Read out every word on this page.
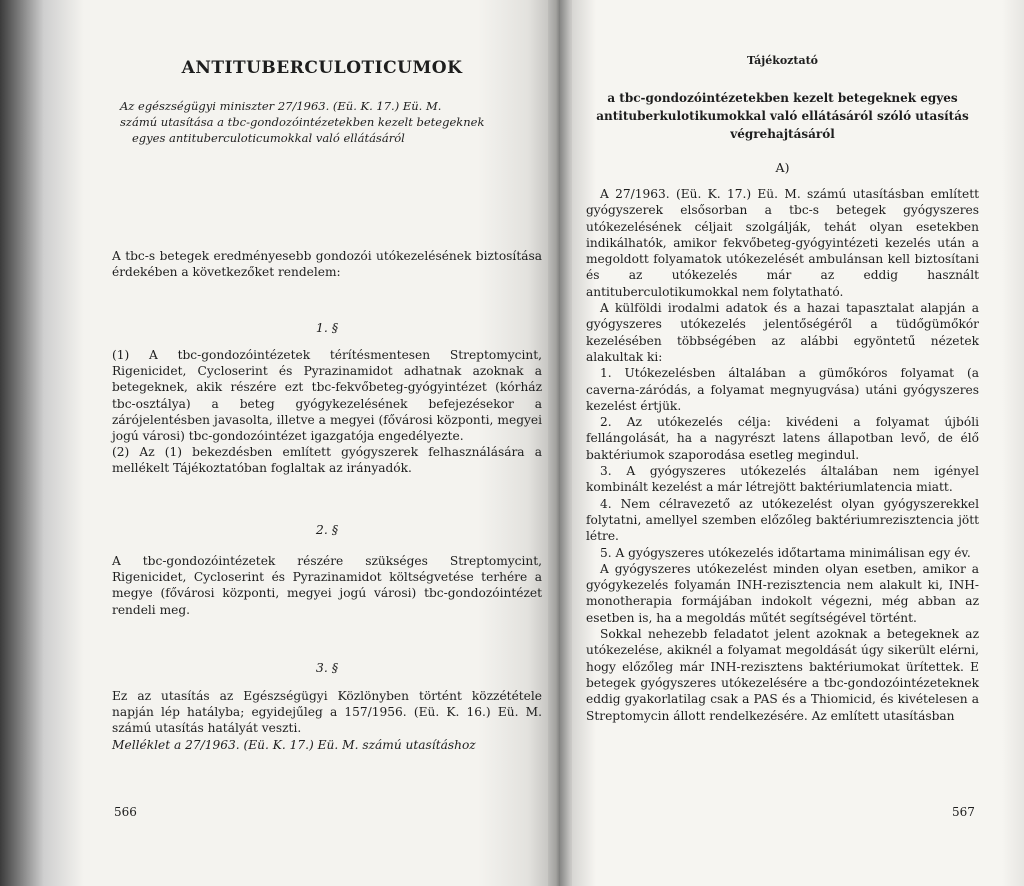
ANTITUBERCULOTICUMOK
Az egészségügyi miniszter 27/1963. (Eü. K. 17.) Eü. M.
számú utasítása a tbc-gondozóintézetekben kezelt betegeknek
egyes antituberculoticumokkal való ellátásáról

A tbc-s betegek eredményesebb gondozói utókezelésének biztosítása érdekében a következőket rendelem:

1. §

(1) A tbc-gondozóintézetek térítésmentesen Streptomycint, Rigenicidet, Cycloserint és Pyrazinamidot adhatnak azoknak a betegeknek, akik részére ezt tbc-fekvőbeteg-gyógyintézet (kórház tbc-osztálya) a beteg gyógykezelésének befejezésekor a zárójelentésben javasolta, illetve a megyei (fővárosi központi, megyei jogú városi) tbc-gondozóintézet igazgatója engedélyezte.

(2) Az (1) bekezdésben említett gyógyszerek felhasználására a mellékelt Tájékoztatóban foglaltak az irányadók.

2. §

A tbc-gondozóintézetek részére szükséges Streptomycint, Rigenicidet, Cycloserint és Pyrazinamidot költségvetése terhére a megye (fővárosi központi, megyei jogú városi) tbc-gondozóintézet rendeli meg.

3. §

Ez az utasítás az Egészségügyi Közlönyben történt közzététele napján lép hatályba; egyidejűleg a 157/1956. (Eü. K. 16.) Eü. M. számú utasítás hatályát veszti.

Melléklet a 27/1963. (Eü. K. 17.) Eü. M. számú utasításhoz

566
Tájékoztató
a tbc-gondozóintézetekben kezelt betegeknek egyes antituberkulotikumokkal való ellátásáról szóló utasítás végrehajtásáról
A)

A 27/1963. (Eü. K. 17.) Eü. M. számú utasításban említett gyógyszerek elsősorban a tbc-s betegek gyógyszeres utókezelésének céljait szolgálják, tehát olyan esetekben indikálhatók, amikor fekvőbeteg-gyógyintézeti kezelés után a megoldott folyamatok utókezelését ambulánsan kell biztosítani és az utókezelés már az eddig használt antituberculotikumokkal nem folytatható.

A külföldi irodalmi adatok és a hazai tapasztalat alapján a gyógyszeres utókezelés jelentőségéről a tüdőgümőkór kezelésében többségében az alábbi egyöntetű nézetek alakultak ki:

1. Utókezelésben általában a gümőkóros folyamat (a caverna-záródás, a folyamat megnyugvása) utáni gyógyszeres kezelést értjük.

2. Az utókezelés célja: kivédeni a folyamat újbóli fellángolását, ha a nagyrészt latens állapotban levő, de élő baktériumok szaporodása esetleg megindul.

3. A gyógyszeres utókezelés általában nem igényel kombinált kezelést a már létrejött baktériumlatencia miatt.

4. Nem célravezető az utókezelést olyan gyógyszerekkel folytatni, amellyel szemben előzőleg baktériumrezisztencia jött létre.

5. A gyógyszeres utókezelés időtartama minimálisan egy év.

A gyógyszeres utókezelést minden olyan esetben, amikor a gyógykezelés folyamán INH-rezisztencia nem alakult ki, INH-monotherapia formájában indokolt végezni, még abban az esetben is, ha a megoldás műtét segítségével történt.

Sokkal nehezebb feladatot jelent azoknak a betegeknek az utókezelése, akiknél a folyamat megoldását úgy sikerült elérni, hogy előzőleg már INH-rezisztens baktériumokat ürítettek. E betegek gyógyszeres utókezelésére a tbc-gondozóintézeteknek eddig gyakorlatilag csak a PAS és a Thiomicid, és kivételesen a Streptomycin állott rendelkezésére. Az említett utasításban

567
